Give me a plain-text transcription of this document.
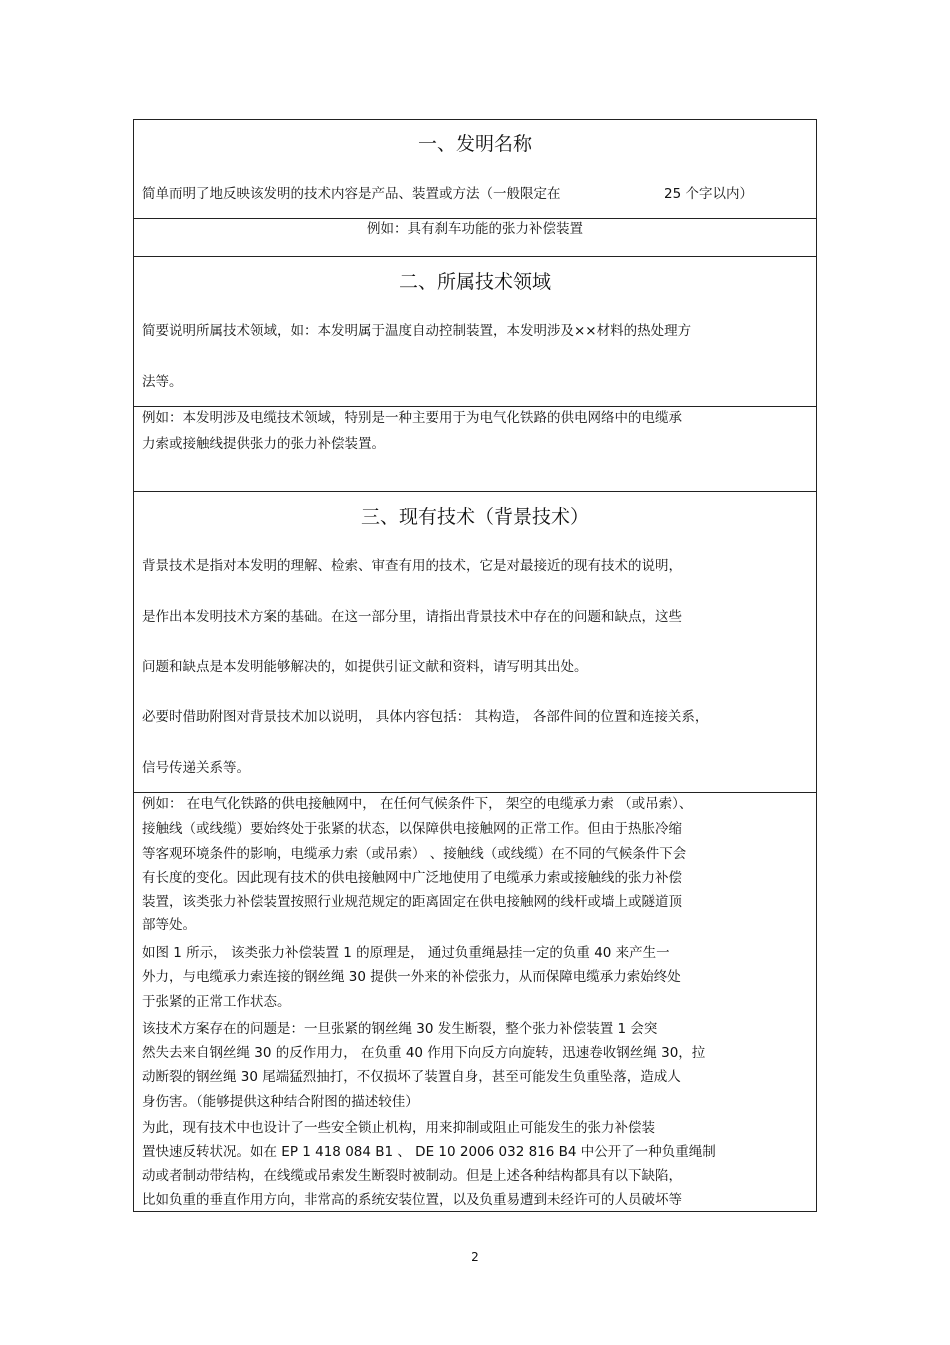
一、发明名称
简单而明了地反映该发明的技术内容是产品、装置或方法（一般限定在	25 个字以内）
例如：具有刹车功能的张力补偿装置
二、所属技术领域
简要说明所属技术领域，如：本发明属于温度自动控制装置，本发明涉及××材料的热处理方
法等。
例如：本发明涉及电缆技术领域，特别是一种主要用于为电气化铁路的供电网络中的电缆承
力索或接触线提供张力的张力补偿装置。
三、现有技术（背景技术）
背景技术是指对本发明的理解、检索、审查有用的技术，它是对最接近的现有技术的说明，
是作出本发明技术方案的基础。在这一部分里，请指出背景技术中存在的问题和缺点，这些
问题和缺点是本发明能够解决的，如提供引证文献和资料，请写明其出处。
必要时借助附图对背景技术加以说明， 具体内容包括： 其构造， 各部件间的位置和连接关系，
信号传递关系等。
例如： 在电气化铁路的供电接触网中， 在任何气候条件下， 架空的电缆承力索 （或吊索）、
接触线（或线缆）要始终处于张紧的状态，以保障供电接触网的正常工作。但由于热胀冷缩
等客观环境条件的影响，电缆承力索（或吊索） 、接触线（或线缆）在不同的气候条件下会
有长度的变化。因此现有技术的供电接触网中广泛地使用了电缆承力索或接触线的张力补偿
装置，该类张力补偿装置按照行业规范规定的距离固定在供电接触网的线杆或墙上或隧道顶
部等处。
如图 1 所示， 该类张力补偿装置 1 的原理是， 通过负重绳悬挂一定的负重 40 来产生一
外力，与电缆承力索连接的钢丝绳 30 提供一外来的补偿张力，从而保障电缆承力索始终处
于张紧的正常工作状态。
该技术方案存在的问题是：一旦张紧的钢丝绳 30 发生断裂，整个张力补偿装置 1 会突
然失去来自钢丝绳 30 的反作用力， 在负重 40 作用下向反方向旋转，迅速卷收钢丝绳 30，拉
动断裂的钢丝绳 30 尾端猛烈抽打，不仅损坏了装置自身，甚至可能发生负重坠落，造成人
身伤害。（能够提供这种结合附图的描述较佳）
为此，现有技术中也设计了一些安全锁止机构，用来抑制或阻止可能发生的张力补偿装
置快速反转状况。如在 EP 1 418 084 B1 、 DE 10 2006 032 816 B4 中公开了一种负重绳制
动或者制动带结构，在线缆或吊索发生断裂时被制动。但是上述各种结构都具有以下缺陷，
比如负重的垂直作用方向，非常高的系统安装位置，以及负重易遭到未经许可的人员破坏等
2
